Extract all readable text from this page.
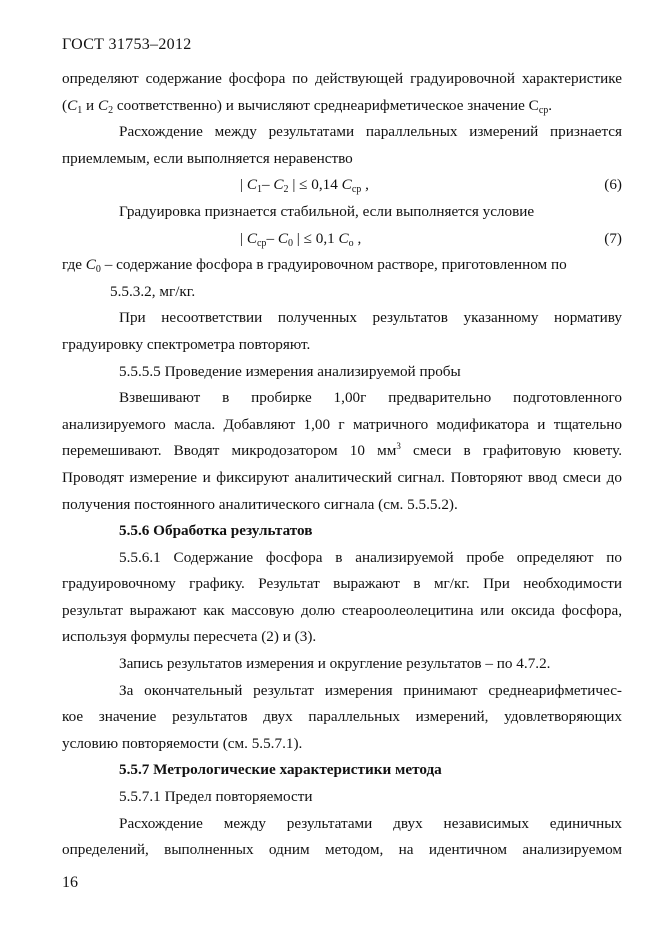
ГОСТ 31753–2012
определяют содержание фосфора по действующей градуировочной характеристике
($C_1$ и $C_2$ соответственно) и вычисляют среднеарифметическое значение $С_{ср}$.
Расхождение между результатами параллельных измерений признается
приемлемым, если выполняется неравенство
| $C_1-$ $C_2$ | ≤ 0,14 $C_{ср}$ ,	(6)
Градуировка признается стабильной, если выполняется условие
| $C_{ср}-$ $C_0$ | ≤ 0,1 $C_o$ ,	(7)
где $C_0$ – содержание фосфора в градуировочном растворе, приготовленном по
5.5.3.2, мг/кг.
При несоответствии полученных результатов указанному нормативу
градуировку спектрометра повторяют.
5.5.5.5 Проведение измерения анализируемой пробы
Взвешивают в пробирке 1,00г предварительно подготовленного
анализируемого масла. Добавляют 1,00 г матричного модификатора и тщательно
перемешивают. Вводят микродозатором 10 $мм^3$ смеси в графитовую кювету.
Проводят измерение и фиксируют аналитический сигнал. Повторяют ввод смеси до
получения постоянного аналитического сигнала (см. 5.5.5.2).
5.5.6 Обработка результатов
5.5.6.1 Содержание фосфора в анализируемой пробе определяют по
градуировочному графику. Результат выражают в мг/кг. При необходимости
результат выражают как массовую долю стеароолеолецитина или оксида фосфора,
используя формулы пересчета (2) и (3).
Запись результатов измерения и округление результатов – по 4.7.2.
За окончательный результат измерения принимают среднеарифметичес-
кое значение результатов двух параллельных измерений, удовлетворяющих
условию повторяемости (см. 5.5.7.1).
5.5.7 Метрологические характеристики метода
5.5.7.1 Предел повторяемости
Расхождение между результатами двух независимых единичных
определений, выполненных одним методом, на идентичном анализируемом
16
